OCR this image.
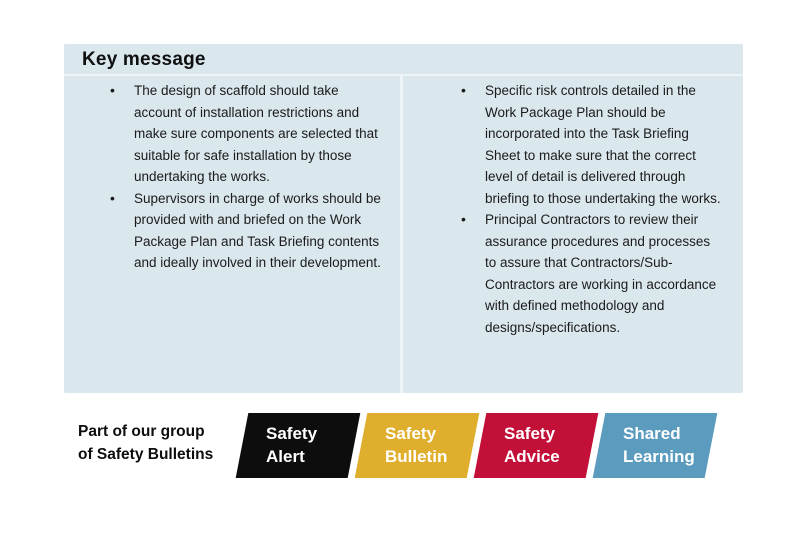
Key message
• The design of scaffold should take account of installation restrictions and make sure components are selected that suitable for safe installation by those undertaking the works.
• Supervisors in charge of works should be provided with and briefed on the Work Package Plan and Task Briefing contents and ideally involved in their development.
• Specific risk controls detailed in the Work Package Plan should be incorporated into the Task Briefing Sheet to make sure that the correct level of detail is delivered through briefing to those undertaking the works.
• Principal Contractors to review their assurance procedures and processes to assure that Contractors/Sub-Contractors are working in accordance with defined methodology and designs/specifications.
Part of our group
of Safety Bulletins
Safety
Alert
Safety
Bulletin
Safety
Advice
Shared
Learning
